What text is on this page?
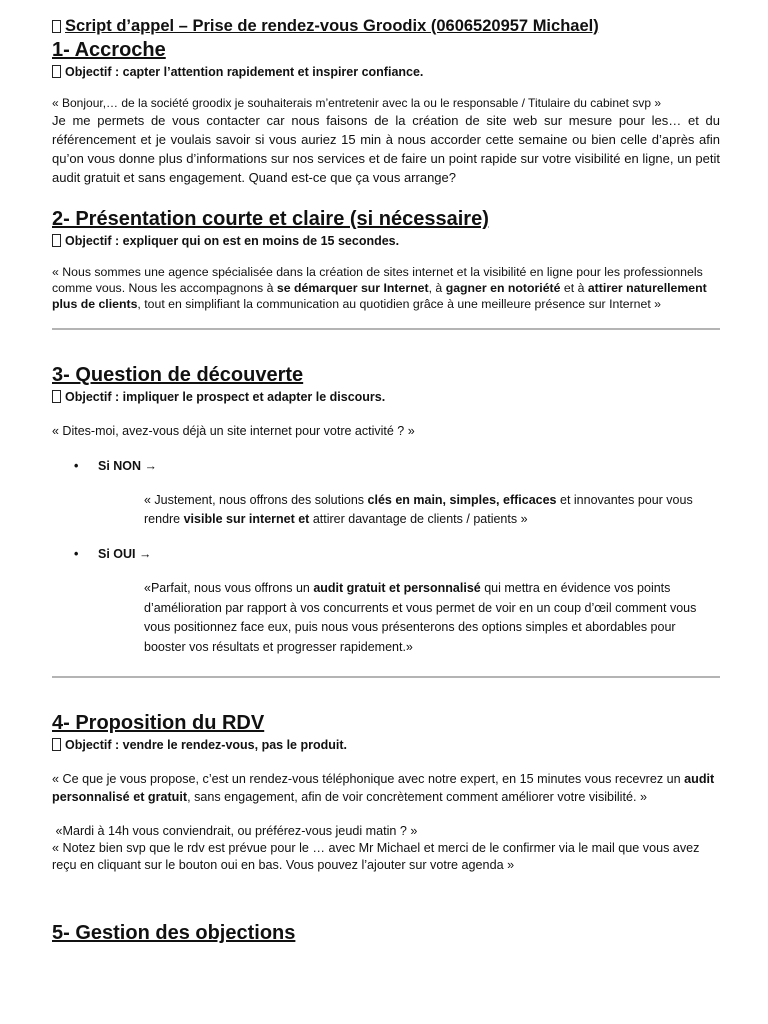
Script d’appel – Prise de rendez-vous Groodix (0606520957 Michael)

1- Accroche

Objectif : capter l’attention rapidement et inspirer confiance.

« Bonjour,… de la société groodix je souhaiterais m’entretenir avec la ou le responsable / Titulaire du cabinet svp »

Je me permets de vous contacter car nous faisons de la création de site web sur mesure pour les… et du référencement et je voulais savoir si vous auriez 15 min à nous accorder cette semaine ou bien celle d’après afin qu’on vous donne plus d’informations sur nos services et de faire un point rapide sur votre visibilité en ligne, un petit audit gratuit et sans engagement. Quand est-ce que ça vous arrange?

2- Présentation courte et claire (si nécessaire)

Objectif : expliquer qui on est en moins de 15 secondes.

« Nous sommes une agence spécialisée dans la création de sites internet et la visibilité en ligne pour les professionnels comme vous. Nous les accompagnons à se démarquer sur Internet, à gagner en notoriété et à attirer naturellement plus de clients, tout en simplifiant la communication au quotidien grâce à une meilleure présence sur Internet »

3- Question de découverte

Objectif : impliquer le prospect et adapter le discours.

« Dites-moi, avez-vous déjà un site internet pour votre activité ? »

• Si NON →

« Justement, nous offrons des solutions clés en main, simples, efficaces et innovantes pour vous rendre visible sur internet et attirer davantage de clients / patients »

• Si OUI →

«Parfait, nous vous offrons un audit gratuit et personnalisé qui mettra en évidence vos points d’amélioration par rapport à vos concurrents et vous permet de voir en un coup d’œil comment vous vous positionnez face eux, puis nous vous présenterons des options simples et abordables pour booster vos résultats et progresser rapidement.»

4- Proposition du RDV

Objectif : vendre le rendez-vous, pas le produit.

« Ce que je vous propose, c’est un rendez-vous téléphonique avec notre expert, en 15 minutes vous recevrez un audit personnalisé et gratuit, sans engagement, afin de voir concrètement comment améliorer votre visibilité. »

«Mardi à 14h vous conviendrait, ou préférez-vous jeudi matin ? »

« Notez bien svp que le rdv est prévue pour le … avec Mr Michael et merci de le confirmer via le mail que vous avez reçu en cliquant sur le bouton oui en bas. Vous pouvez l’ajouter sur votre agenda »

5- Gestion des objections
